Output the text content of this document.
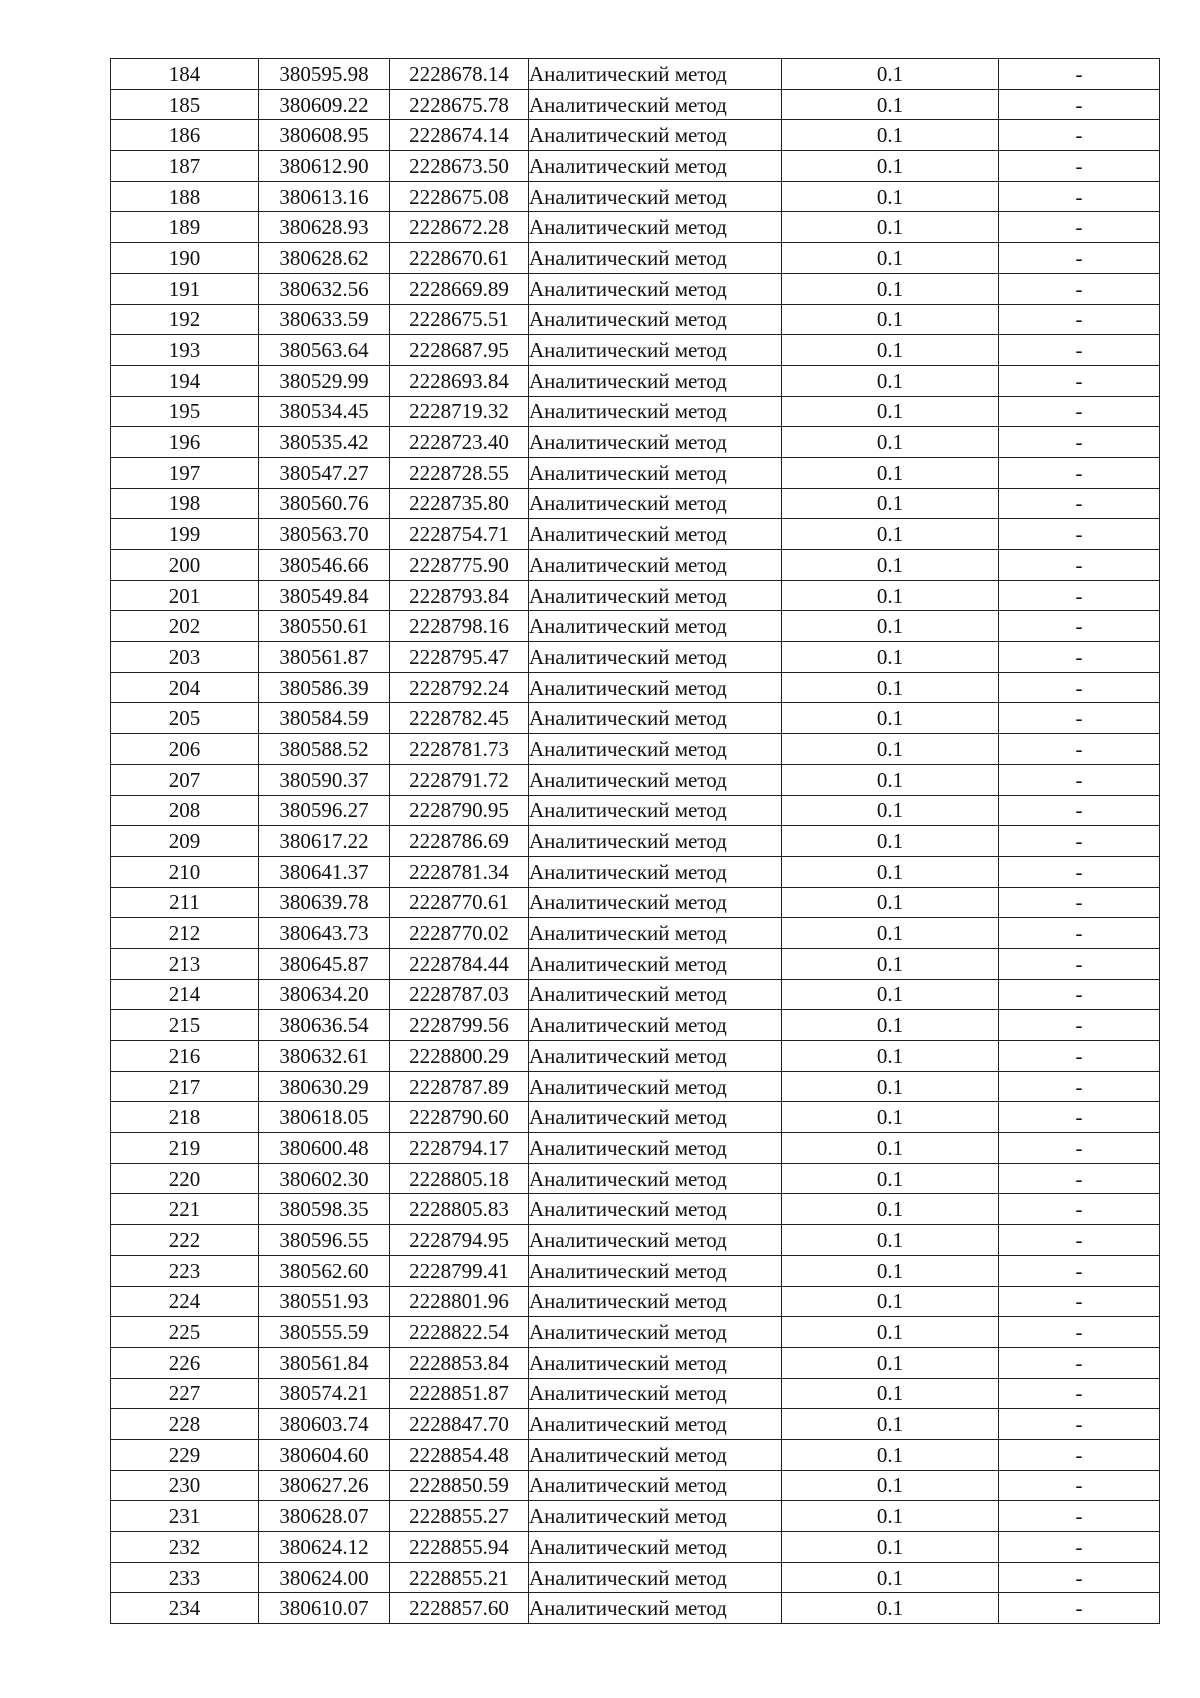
184	380595.98	2228678.14	Аналитический метод	0.1	-
185	380609.22	2228675.78	Аналитический метод	0.1	-
186	380608.95	2228674.14	Аналитический метод	0.1	-
187	380612.90	2228673.50	Аналитический метод	0.1	-
188	380613.16	2228675.08	Аналитический метод	0.1	-
189	380628.93	2228672.28	Аналитический метод	0.1	-
190	380628.62	2228670.61	Аналитический метод	0.1	-
191	380632.56	2228669.89	Аналитический метод	0.1	-
192	380633.59	2228675.51	Аналитический метод	0.1	-
193	380563.64	2228687.95	Аналитический метод	0.1	-
194	380529.99	2228693.84	Аналитический метод	0.1	-
195	380534.45	2228719.32	Аналитический метод	0.1	-
196	380535.42	2228723.40	Аналитический метод	0.1	-
197	380547.27	2228728.55	Аналитический метод	0.1	-
198	380560.76	2228735.80	Аналитический метод	0.1	-
199	380563.70	2228754.71	Аналитический метод	0.1	-
200	380546.66	2228775.90	Аналитический метод	0.1	-
201	380549.84	2228793.84	Аналитический метод	0.1	-
202	380550.61	2228798.16	Аналитический метод	0.1	-
203	380561.87	2228795.47	Аналитический метод	0.1	-
204	380586.39	2228792.24	Аналитический метод	0.1	-
205	380584.59	2228782.45	Аналитический метод	0.1	-
206	380588.52	2228781.73	Аналитический метод	0.1	-
207	380590.37	2228791.72	Аналитический метод	0.1	-
208	380596.27	2228790.95	Аналитический метод	0.1	-
209	380617.22	2228786.69	Аналитический метод	0.1	-
210	380641.37	2228781.34	Аналитический метод	0.1	-
211	380639.78	2228770.61	Аналитический метод	0.1	-
212	380643.73	2228770.02	Аналитический метод	0.1	-
213	380645.87	2228784.44	Аналитический метод	0.1	-
214	380634.20	2228787.03	Аналитический метод	0.1	-
215	380636.54	2228799.56	Аналитический метод	0.1	-
216	380632.61	2228800.29	Аналитический метод	0.1	-
217	380630.29	2228787.89	Аналитический метод	0.1	-
218	380618.05	2228790.60	Аналитический метод	0.1	-
219	380600.48	2228794.17	Аналитический метод	0.1	-
220	380602.30	2228805.18	Аналитический метод	0.1	-
221	380598.35	2228805.83	Аналитический метод	0.1	-
222	380596.55	2228794.95	Аналитический метод	0.1	-
223	380562.60	2228799.41	Аналитический метод	0.1	-
224	380551.93	2228801.96	Аналитический метод	0.1	-
225	380555.59	2228822.54	Аналитический метод	0.1	-
226	380561.84	2228853.84	Аналитический метод	0.1	-
227	380574.21	2228851.87	Аналитический метод	0.1	-
228	380603.74	2228847.70	Аналитический метод	0.1	-
229	380604.60	2228854.48	Аналитический метод	0.1	-
230	380627.26	2228850.59	Аналитический метод	0.1	-
231	380628.07	2228855.27	Аналитический метод	0.1	-
232	380624.12	2228855.94	Аналитический метод	0.1	-
233	380624.00	2228855.21	Аналитический метод	0.1	-
234	380610.07	2228857.60	Аналитический метод	0.1	-
